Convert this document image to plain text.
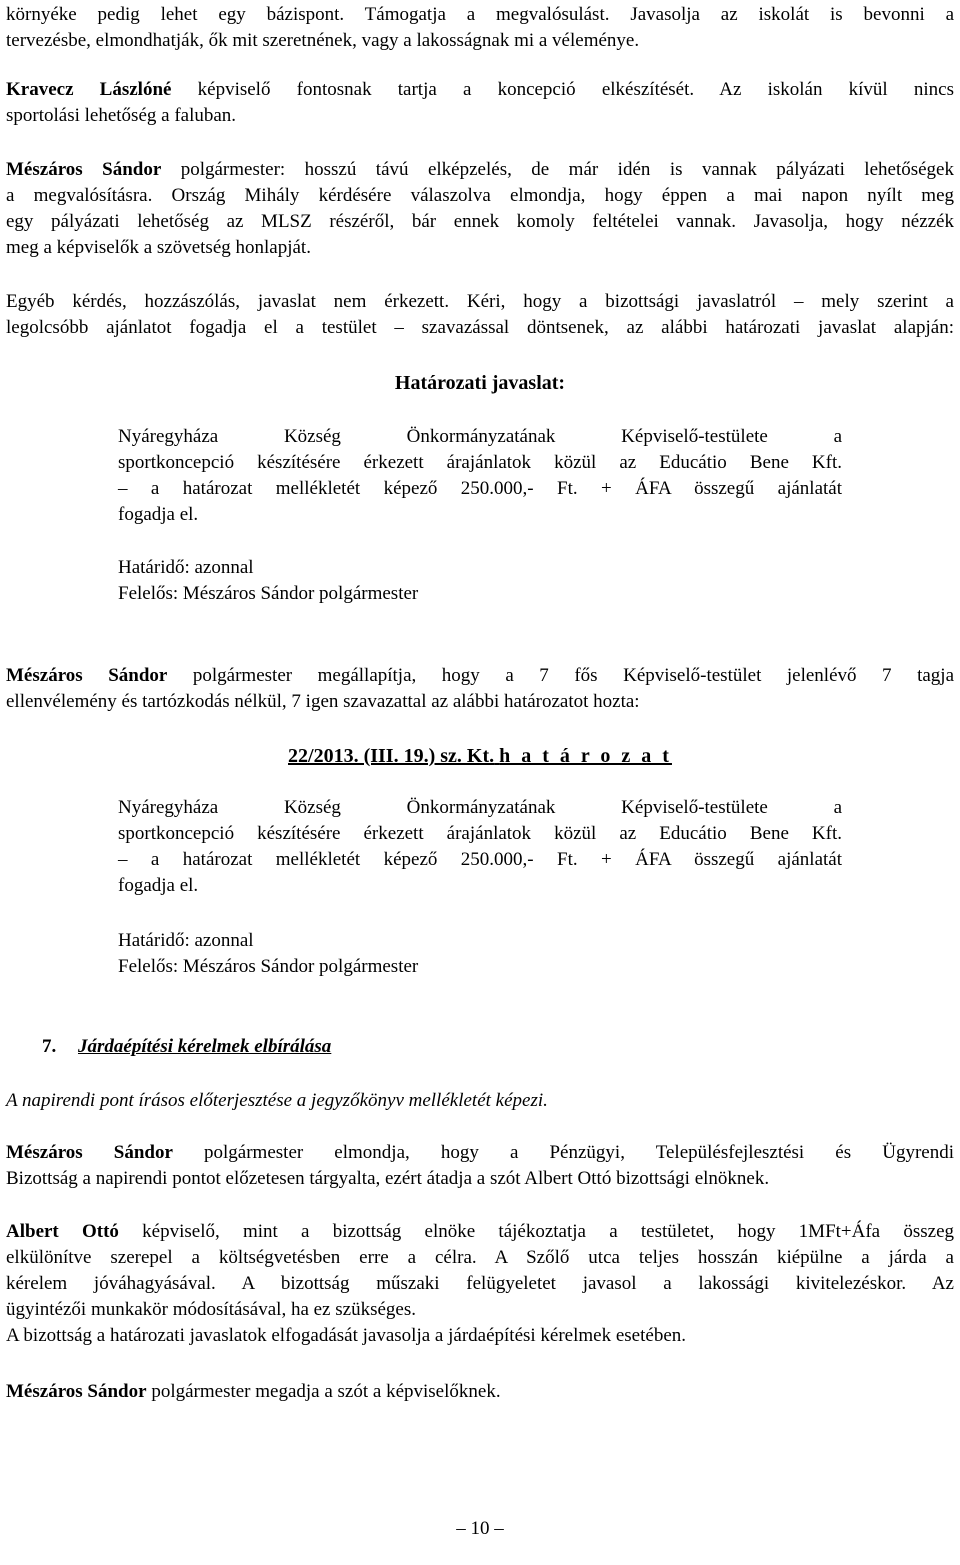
környéke pedig lehet egy bázispont. Támogatja a megvalósulást. Javasolja az iskolát is bevonni a
tervezésbe, elmondhatják, ők mit szeretnének, vagy a lakosságnak mi a véleménye.
Kravecz Lászlóné képviselő fontosnak tartja a koncepció elkészítését. Az iskolán kívül nincs
sportolási lehetőség a faluban.
Mészáros Sándor polgármester: hosszú távú elképzelés, de már idén is vannak pályázati lehetőségek
a megvalósításra. Ország Mihály kérdésére válaszolva elmondja, hogy éppen a mai napon nyílt meg
egy pályázati lehetőség az MLSZ részéről, bár ennek komoly feltételei vannak. Javasolja, hogy nézzék
meg a képviselők a szövetség honlapját.
Egyéb kérdés, hozzászólás, javaslat nem érkezett. Kéri, hogy a bizottsági javaslatról – mely szerint a
legolcsóbb ajánlatot fogadja el a testület – szavazással döntsenek, az alábbi határozati javaslat alapján:
Határozati javaslat:
Nyáregyháza Község Önkormányzatának Képviselő-testülete a
sportkoncepció készítésére érkezett árajánlatok közül az Educátio Bene Kft.
– a határozat mellékletét képező 250.000,- Ft. + ÁFA összegű ajánlatát
fogadja el.
Határidő: azonnal
Felelős: Mészáros Sándor polgármester
Mészáros Sándor polgármester megállapítja, hogy a 7 fős Képviselő-testület jelenlévő 7 tagja
ellenvélemény és tartózkodás nélkül, 7 igen szavazattal az alábbi határozatot hozta:
22/2013. (III. 19.) sz. Kt. h a t á r o z a t
Nyáregyháza Község Önkormányzatának Képviselő-testülete a
sportkoncepció készítésére érkezett árajánlatok közül az Educátio Bene Kft.
– a határozat mellékletét képező 250.000,- Ft. + ÁFA összegű ajánlatát
fogadja el.
Határidő: azonnal
Felelős: Mészáros Sándor polgármester
7. Járdaépítési kérelmek elbírálása
A napirendi pont írásos előterjesztése a jegyzőkönyv mellékletét képezi.
Mészáros Sándor polgármester elmondja, hogy a Pénzügyi, Településfejlesztési és Ügyrendi
Bizottság a napirendi pontot előzetesen tárgyalta, ezért átadja a szót Albert Ottó bizottsági elnöknek.
Albert Ottó képviselő, mint a bizottság elnöke tájékoztatja a testületet, hogy 1MFt+Áfa összeg
elkülönítve szerepel a költségvetésben erre a célra. A Szőlő utca teljes hosszán kiépülne a járda a
kérelem jóváhagyásával. A bizottság műszaki felügyeletet javasol a lakossági kivitelezéskor. Az
ügyintézői munkakör módosításával, ha ez szükséges.
A bizottság a határozati javaslatok elfogadását javasolja a járdaépítési kérelmek esetében.
Mészáros Sándor polgármester megadja a szót a képviselőknek.
– 10 –
